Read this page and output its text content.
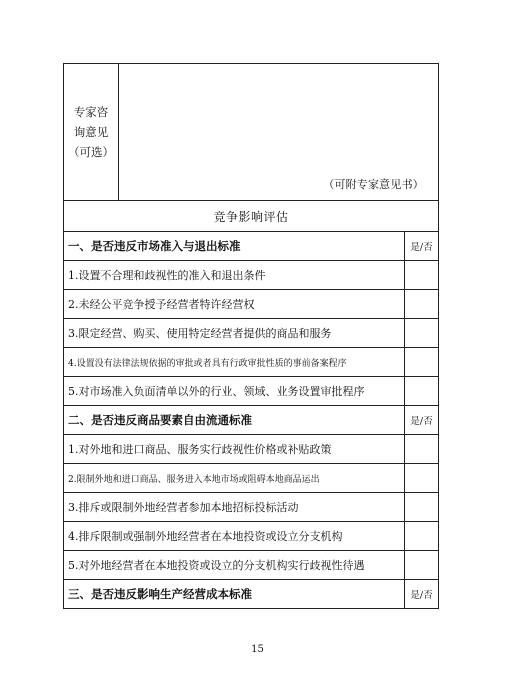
专家咨
询意见
（可选）	（可附专家意见书）	

竞争影响评估		
一、是否违反市场准入与退出标准		是/否
1.设置不合理和歧视性的准入和退出条件		
2.未经公平竞争授予经营者特许经营权		
3.限定经营、购买、使用特定经营者提供的商品和服务		
4.设置没有法律法规依据的审批或者具有行政审批性质的事前备案程序		
5.对市场准入负面清单以外的行业、领域、业务设置审批程序		
二、是否违反商品要素自由流通标准		是/否
1.对外地和进口商品、服务实行歧视性价格或补贴政策		
2.限制外地和进口商品、服务进入本地市场或阻碍本地商品运出		
3.排斥或限制外地经营者参加本地招标投标活动		
4.排斥限制或强制外地经营者在本地投资或设立分支机构		
5.对外地经营者在本地投资或设立的分支机构实行歧视性待遇		
三、是否违反影响生产经营成本标准		是/否
15
